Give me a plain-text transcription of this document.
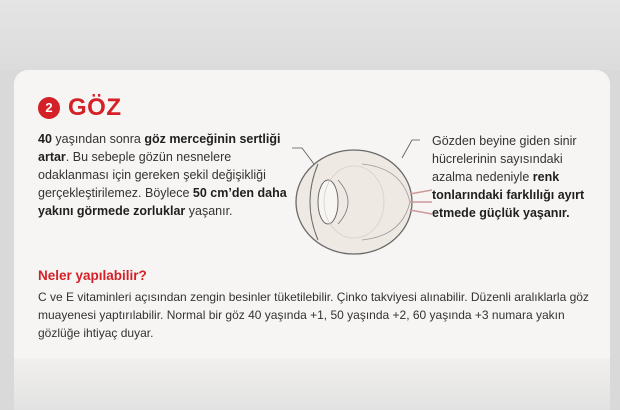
2 GÖZ
40 yaşından sonra göz merceğinin sertliği artar. Bu sebeple gözün nesnelere odaklanması için gereken şekil değişikliği gerçekleştirilemez. Böylece 50 cm’den daha yakını görmede zorluklar yaşanır.
Gözden beyine giden sinir hücrelerinin sayısındaki azalma nedeniyle renk tonlarındaki farklılığı ayırt etmede güçlük yaşanır.
Neler yapılabilir?
C ve E vitaminleri açısından zengin besinler tüketilebilir. Çinko takviyesi alınabilir. Düzenli aralıklarla göz muayenesi yaptırılabilir. Normal bir göz 40 yaşında +1, 50 yaşında +2, 60 yaşında +3 numara yakın gözlüğe ihtiyaç duyar.
